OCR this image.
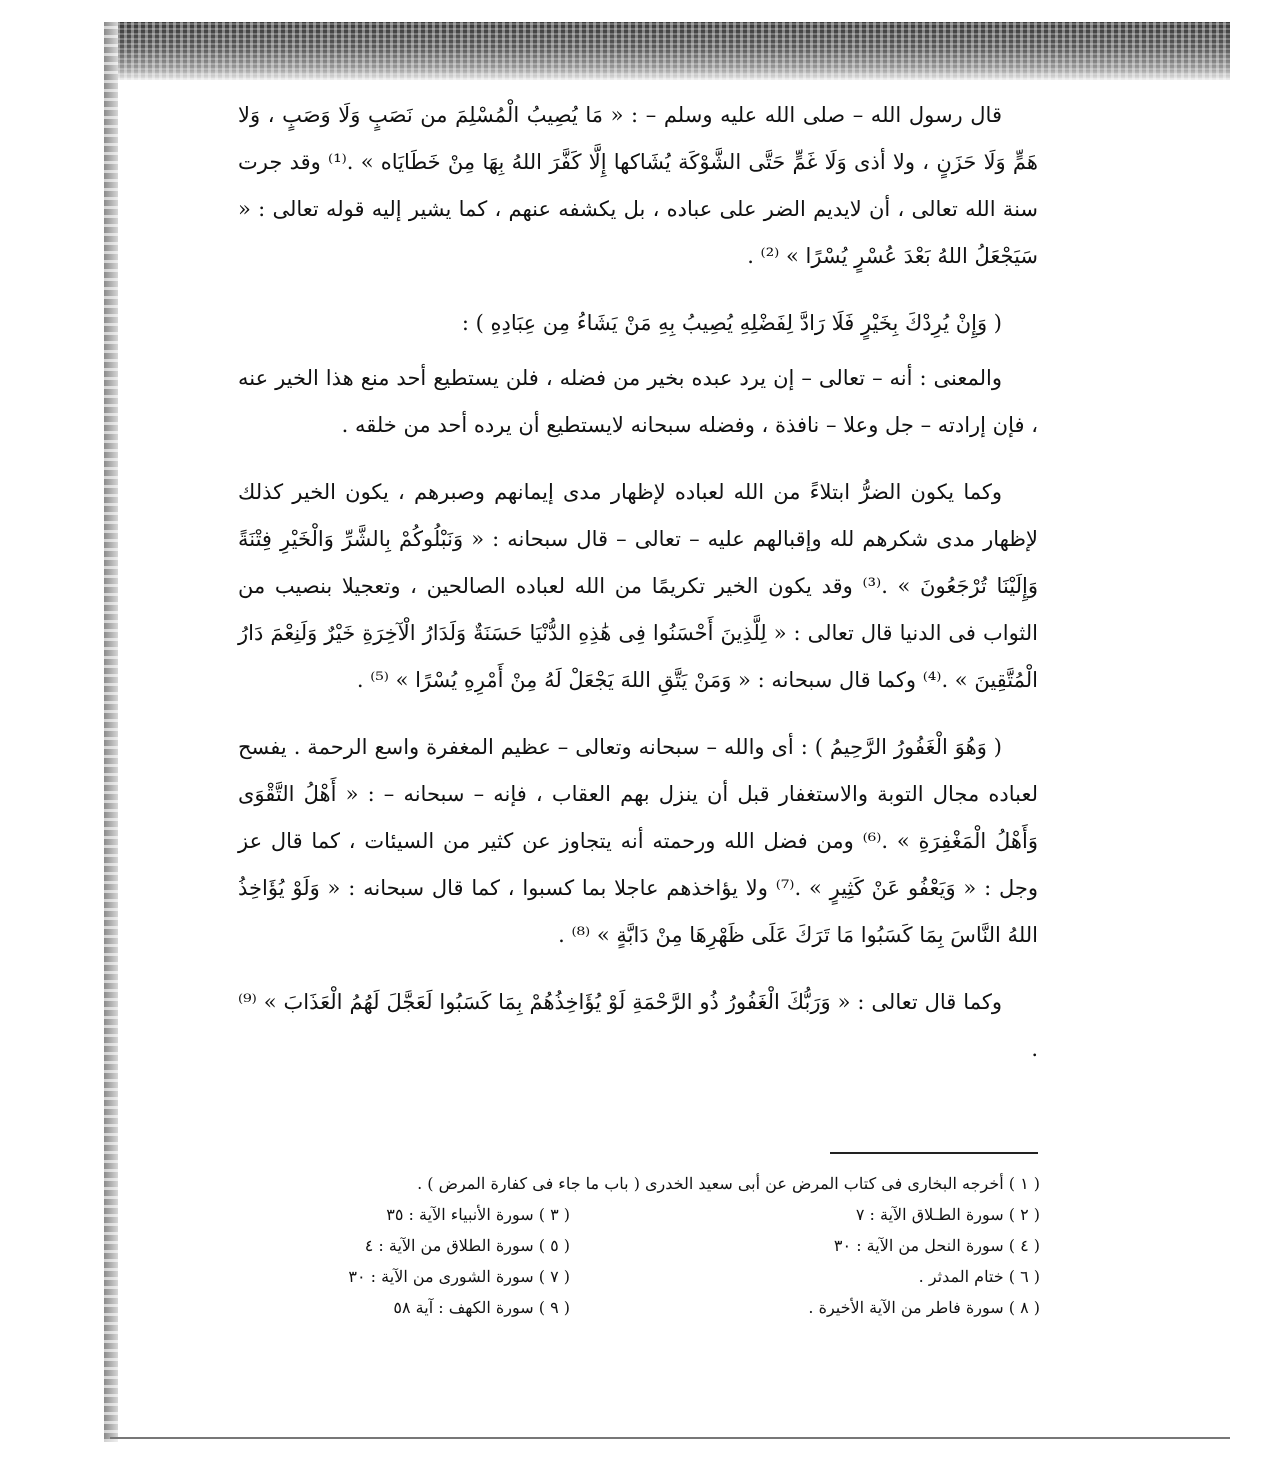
قال رسول الله – صلى الله عليه وسلم – : « مَا يُصِيبُ الْمُسْلِمَ من نَصَبٍ وَلَا وَصَبٍ ، وَلا هَمٍّ وَلَا حَزَنٍ ، ولا أذى وَلَا غَمٍّ حَتَّى الشَّوْكَة يُشَاكها إِلَّا كَفَّرَ اللهُ بِهَا مِنْ خَطَايَاه » .⁽¹⁾ وقد جرت سنة الله تعالى ، أن لايديم الضر على عباده ، بل يكشفه عنهم ، كما يشير إليه قوله تعالى : « سَيَجْعَلُ اللهُ بَعْدَ عُسْرٍ يُسْرًا » ⁽²⁾ .

( وَإِنْ يُرِدْكَ بِخَيْرٍ فَلَا رَادَّ لِفَضْلِهِ يُصِيبُ بِهِ مَنْ يَشَاءُ مِن عِبَادِهِ ) :

والمعنى : أنه – تعالى – إن يرد عبده بخير من فضله ، فلن يستطيع أحد منع هذا الخير عنه ، فإن إرادته – جل وعلا – نافذة ، وفضله سبحانه لايستطيع أن يرده أحد من خلقه .

وكما يكون الضرُّ ابتلاءً من الله لعباده لإظهار مدى إيمانهم وصبرهم ، يكون الخير كذلك لإظهار مدى شكرهم لله وإقبالهم عليه – تعالى – قال سبحانه : « وَنَبْلُوكُمْ بِالشَّرِّ وَالْخَيْرِ فِتْنَةً وَإِلَيْنَا تُرْجَعُونَ » .⁽³⁾ وقد يكون الخير تكريمًا من الله لعباده الصالحين ، وتعجيلا بنصيب من الثواب فى الدنيا قال تعالى : « لِلَّذِينَ أَحْسَنُوا فِى هَٰذِهِ الدُّنْيَا حَسَنَةٌ وَلَدَارُ الْآخِرَةِ خَيْرٌ وَلَنِعْمَ دَارُ الْمُتَّقِينَ » .⁽⁴⁾ وكما قال سبحانه : « وَمَنْ يَتَّقِ اللهَ يَجْعَلْ لَهُ مِنْ أَمْرِهِ يُسْرًا » ⁽⁵⁾ .

( وَهُوَ الْغَفُورُ الرَّحِيمُ ) : أى والله – سبحانه وتعالى – عظيم المغفرة واسع الرحمة . يفسح لعباده مجال التوبة والاستغفار قبل أن ينزل بهم العقاب ، فإنه – سبحانه – : « أَهْلُ التَّقْوَى وَأَهْلُ الْمَغْفِرَةِ » .⁽⁶⁾ ومن فضل الله ورحمته أنه يتجاوز عن كثير من السيئات ، كما قال عز وجل : « وَيَعْفُو عَنْ كَثِيرٍ » .⁽⁷⁾ ولا يؤاخذهم عاجلا بما كسبوا ، كما قال سبحانه : « وَلَوْ يُؤَاخِذُ اللهُ النَّاسَ بِمَا كَسَبُوا مَا تَرَكَ عَلَى ظَهْرِهَا مِنْ دَابَّةٍ » ⁽⁸⁾ .

وكما قال تعالى : « وَرَبُّكَ الْغَفُورُ ذُو الرَّحْمَةِ لَوْ يُؤَاخِذُهُمْ بِمَا كَسَبُوا لَعَجَّلَ لَهُمُ الْعَذَابَ » ⁽⁹⁾ .

( ١ ) أخرجه البخارى فى كتاب المرض عن أبى سعيد الخدرى ( باب ما جاء فى كفارة المرض ) .
( ٢ ) سورة الطـلاق الآية : ٧
( ٣ ) سورة الأنبياء الآية : ٣٥
( ٤ ) سورة النحل من الآية : ٣٠
( ٥ ) سورة الطلاق من الآية : ٤
( ٦ ) ختام المدثر .
( ٧ ) سورة الشورى من الآية : ٣٠
( ٨ ) سورة فاطر من الآية الأخيرة .
( ٩ ) سورة الكهف : آية ٥٨
